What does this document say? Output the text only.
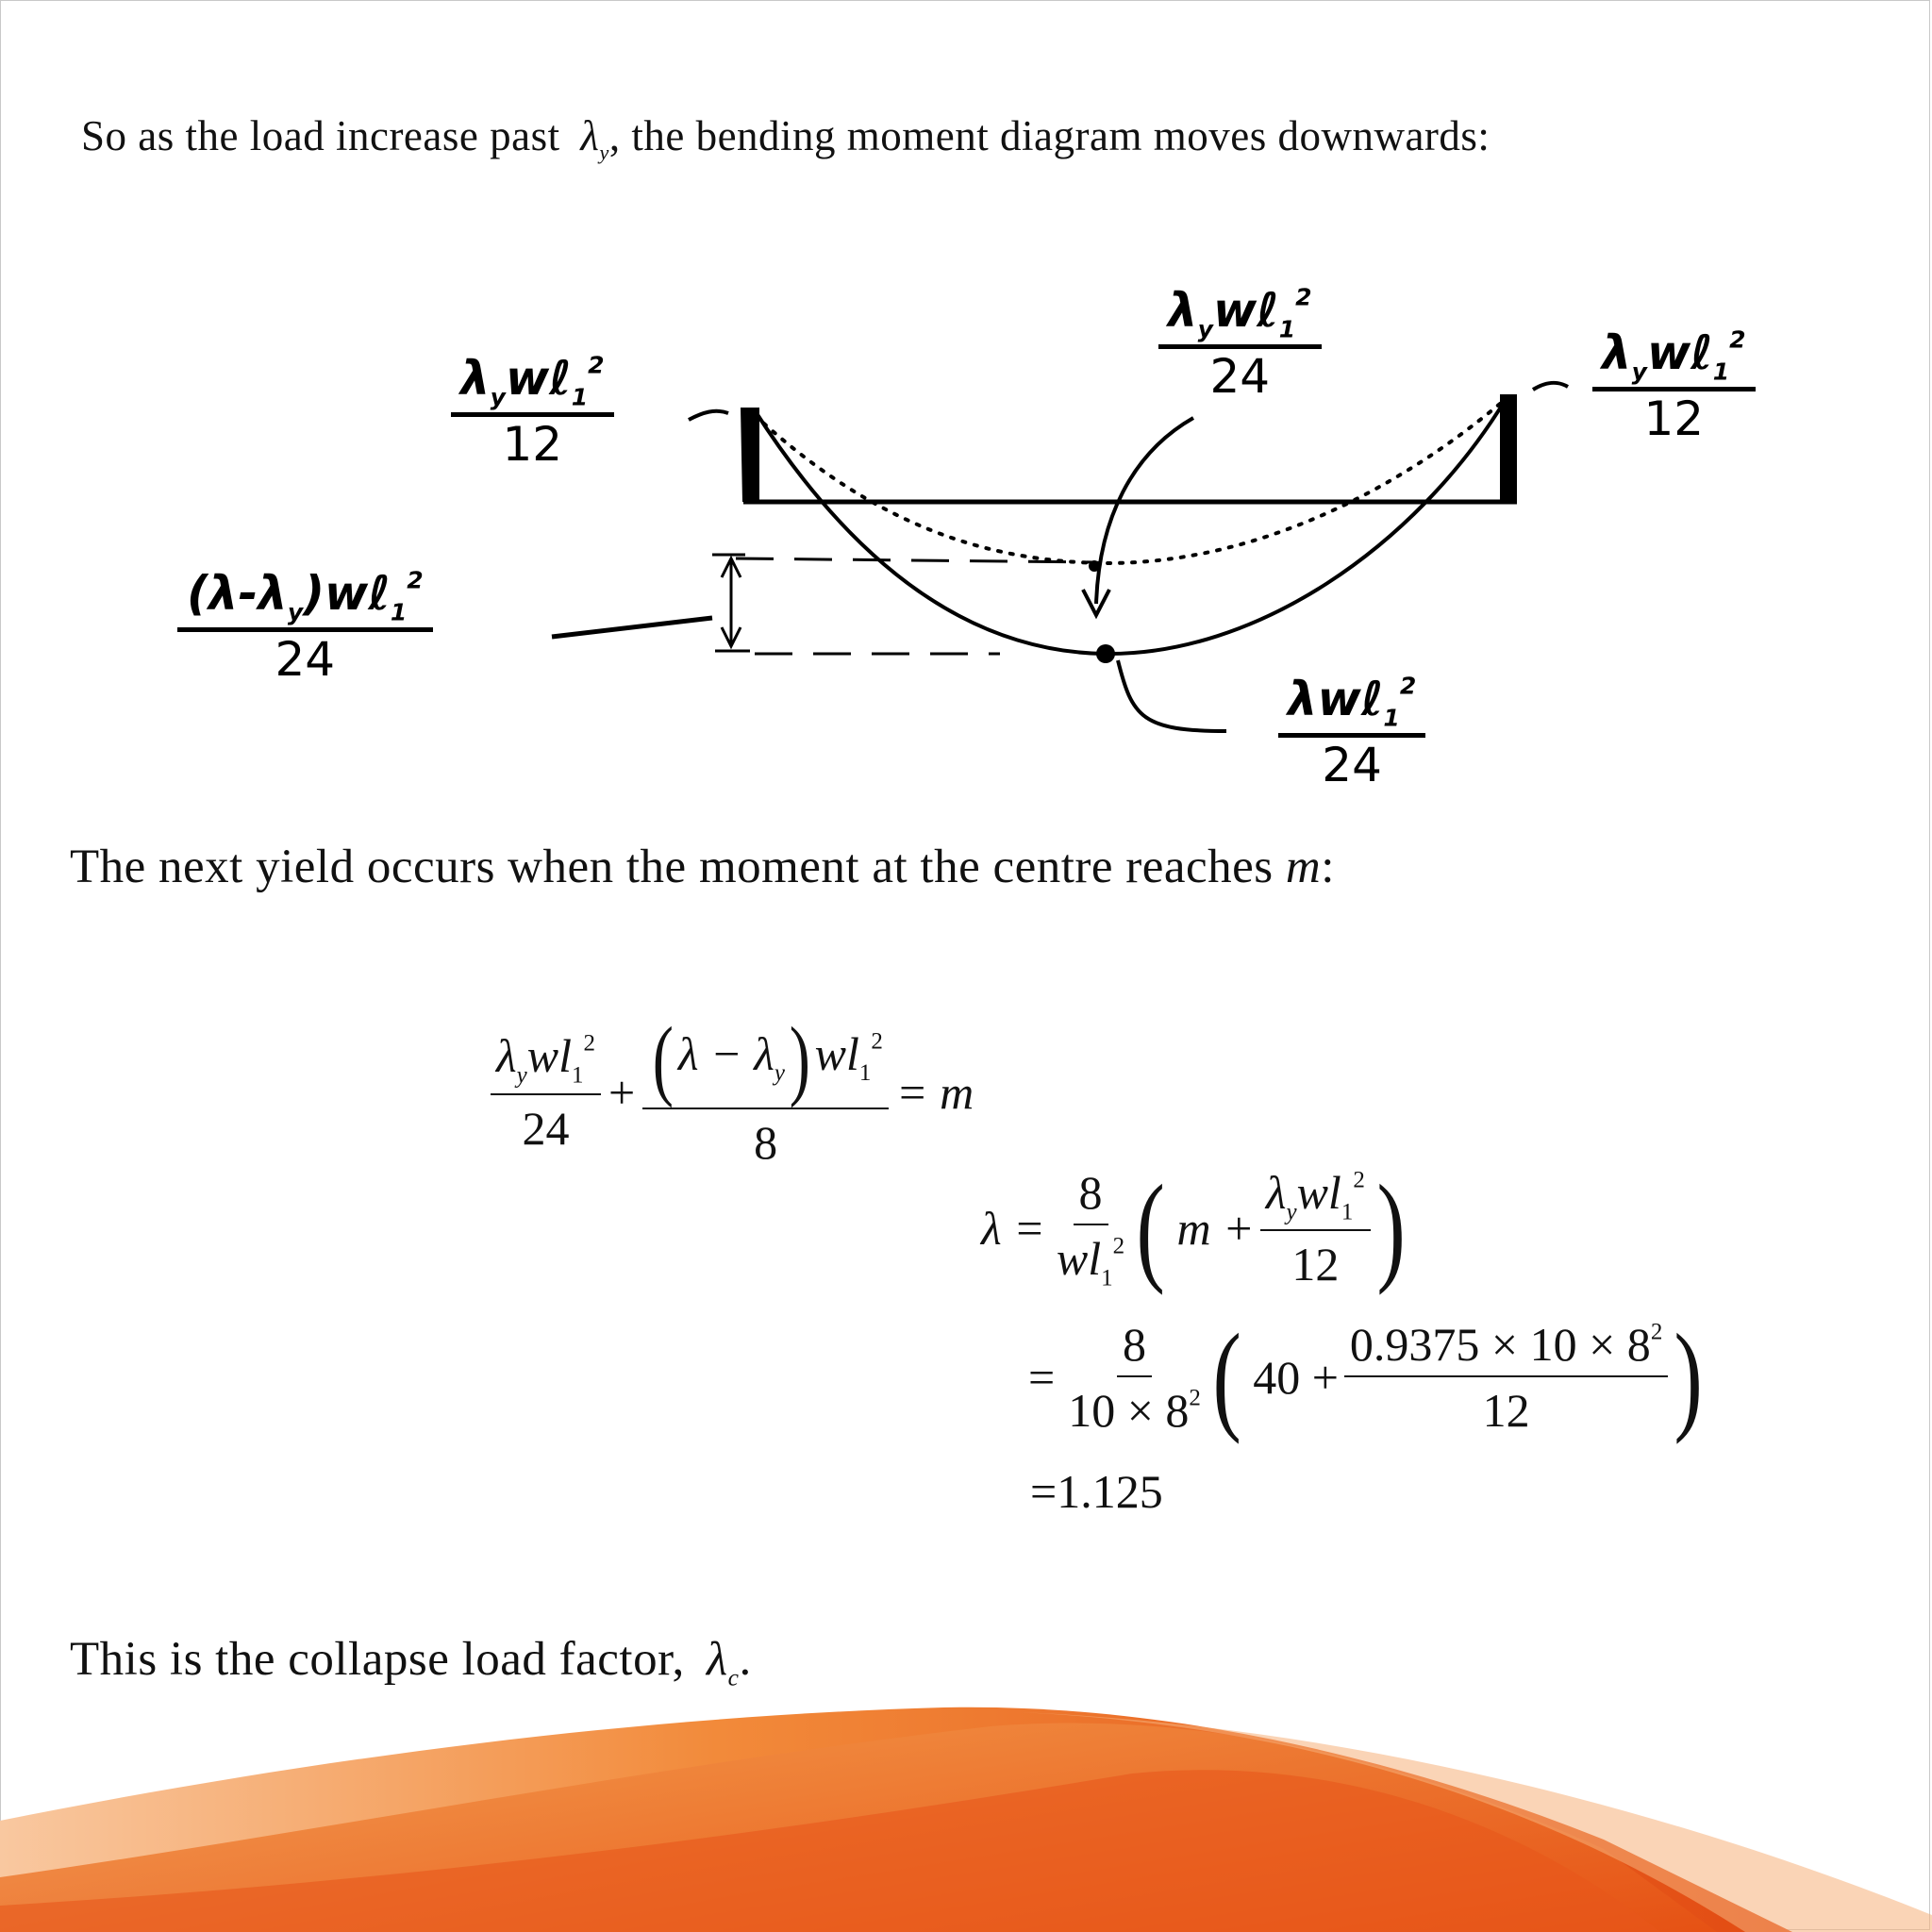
So as the load increase past $\lambda_y$, the bending moment diagram moves downwards:
$\lambda_yw\ell_1^2$
12
$\lambda_yw\ell_1^2$
12
$\lambda_yw\ell_1^2$
24
$(\lambda-\lambda_y)w\ell_1^2$
24
λwℓ$_1^2$
24
The next yield occurs when the moment at the centre reaches m:
$\frac{\lambda_ywl_1^2}{24} + \frac{(\lambda - \lambda_y)wl_1^2}{8} = m$
$\lambda = \frac{8}{wl_1^2}$ ( $m + \frac{\lambda_ywl_1^2}{12}$ )
= $\frac{8}{10 \times 8^2}$ ( $40 + \frac{0.9375 \times 10 \times 8^2}{12}$ )
=1.125
This is the collapse load factor, $\lambda_c$.
